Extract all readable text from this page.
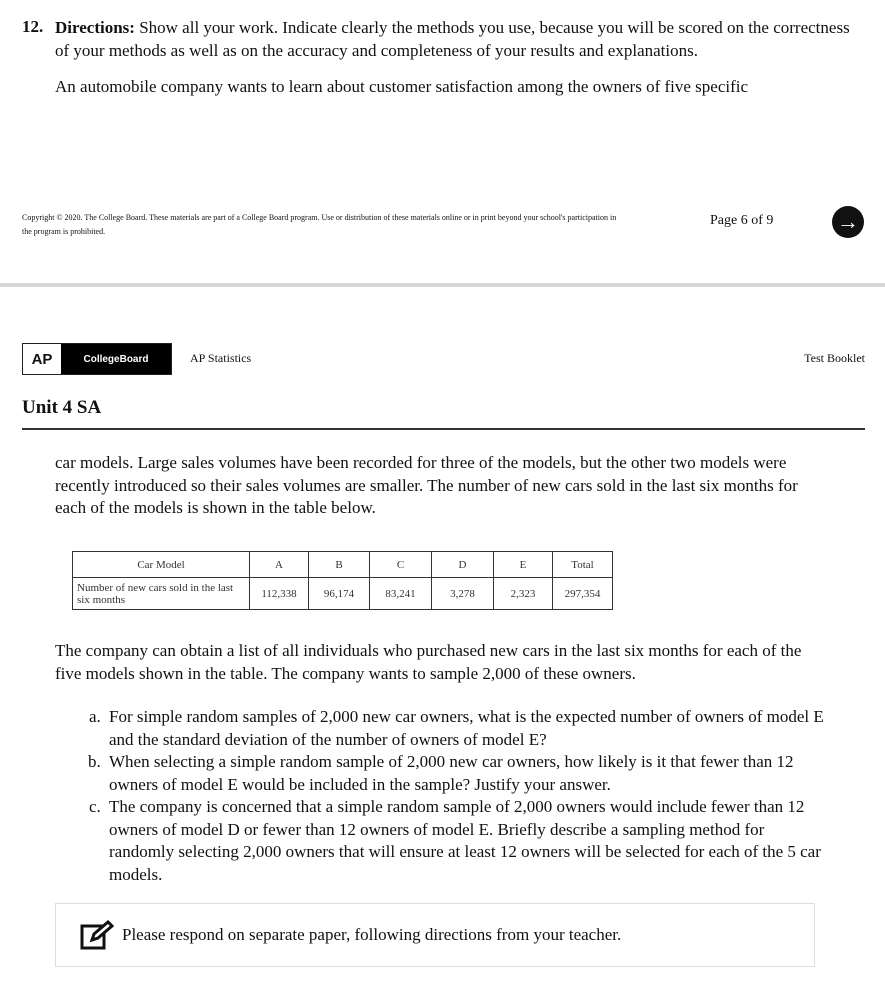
12. Directions: Show all your work. Indicate clearly the methods you use, because you will be scored on the correctness of your methods as well as on the accuracy and completeness of your results and explanations.

An automobile company wants to learn about customer satisfaction among the owners of five specific

Copyright © 2020. The College Board. These materials are part of a College Board program. Use or distribution of these materials online or in print beyond your school's participation in the program is prohibited.
Page 6 of 9	→
AP	CollegeBoard	AP Statistics	Test Booklet
Unit 4 SA
car models. Large sales volumes have been recorded for three of the models, but the other two models were recently introduced so their sales volumes are smaller. The number of new cars sold in the last six months for each of the models is shown in the table below.
Car Model	A	B	C	D	E	Total
Number of new cars sold in the last six months	112,338	96,174	83,241	3,278	2,323	297,354
The company can obtain a list of all individuals who purchased new cars in the last six months for each of the five models shown in the table. The company wants to sample 2,000 of these owners.
a. For simple random samples of 2,000 new car owners, what is the expected number of owners of model E and the standard deviation of the number of owners of model E?
b. When selecting a simple random sample of 2,000 new car owners, how likely is it that fewer than 12 owners of model E would be included in the sample? Justify your answer.
c. The company is concerned that a simple random sample of 2,000 owners would include fewer than 12 owners of model D or fewer than 12 owners of model E. Briefly describe a sampling method for randomly selecting 2,000 owners that will ensure at least 12 owners will be selected for each of the 5 car models.
Please respond on separate paper, following directions from your teacher.
